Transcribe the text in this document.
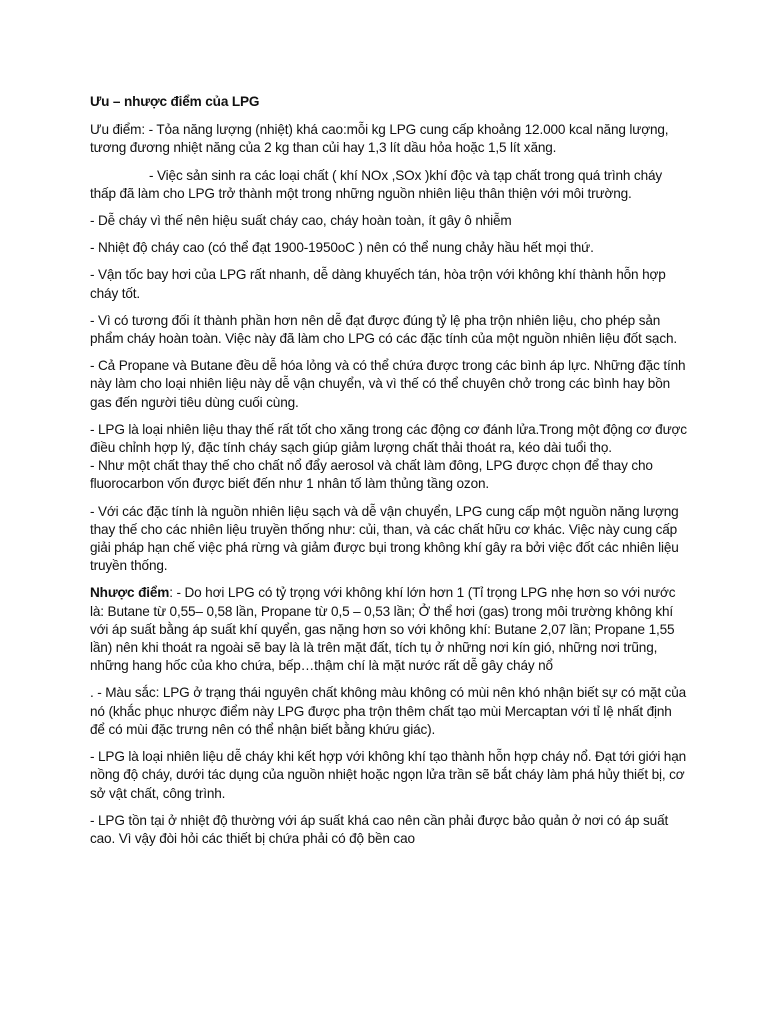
Ưu – nhược điểm của LPG

Ưu điểm: - Tỏa năng lượng (nhiệt) khá cao:mỗi kg LPG cung cấp khoảng 12.000 kcal năng lượng, tương đương nhiệt năng của 2 kg than củi hay 1,3 lít dầu hỏa hoặc 1,5 lít xăng.

- Việc sản sinh ra các loại chất ( khí NOx ,SOx )khí độc và tạp chất trong quá trình cháy thấp đã làm cho LPG trở thành một trong những nguồn nhiên liệu thân thiện với môi trường.

- Dễ cháy vì thế nên hiệu suất cháy cao, cháy hoàn toàn, ít gây ô nhiễm

- Nhiệt độ cháy cao (có thể đạt 1900-1950oC ) nên có thể nung chảy hầu hết mọi thứ.

- Vận tốc bay hơi của LPG rất nhanh, dễ dàng khuyếch tán, hòa trộn với không khí thành hỗn hợp cháy tốt.

- Vì có tương đối ít thành phần hơn nên dễ đạt được đúng tỷ lệ pha trộn nhiên liệu, cho phép sản phẩm cháy hoàn toàn. Việc này đã làm cho LPG có các đặc tính của một nguồn nhiên liệu đốt sạch.

- Cả Propane và Butane đều dễ hóa lỏng và có thể chứa được trong các bình áp lực. Những đặc tính này làm cho loại nhiên liệu này dễ vận chuyển, và vì thế có thể chuyên chở trong các bình hay bồn gas đến người tiêu dùng cuối cùng.

- LPG là loại nhiên liệu thay thế rất tốt cho xăng trong các động cơ đánh lửa.Trong một động cơ được điều chỉnh hợp lý, đặc tính cháy sạch giúp giảm lượng chất thải thoát ra, kéo dài tuổi thọ.

- Như một chất thay thế cho chất nổ đẩy aerosol và chất làm đông, LPG được chọn để thay cho fluorocarbon vốn được biết đến như 1 nhân tố làm thủng tầng ozon.

- Với các đặc tính là nguồn nhiên liệu sạch và dễ vận chuyển, LPG cung cấp một nguồn năng lượng thay thế cho các nhiên liệu truyền thống như: củi, than, và các chất hữu cơ khác. Việc này cung cấp giải pháp hạn chế việc phá rừng và giảm được bụi trong không khí gây ra bởi việc đốt các nhiên liệu truyền thống.

Nhược điểm: - Do hơi LPG có tỷ trọng với không khí lớn hơn 1 (Tỉ trọng LPG nhẹ hơn so với nước là: Butane từ 0,55– 0,58 lần, Propane từ 0,5 – 0,53 lần; Ở thể hơi (gas) trong môi trường không khí với áp suất bằng áp suất khí quyển, gas nặng hơn so với không khí: Butane 2,07 lần; Propane 1,55 lần) nên khi thoát ra ngoài sẽ bay là là trên mặt đất, tích tụ ở những nơi kín gió, những nơi trũng, những hang hốc của kho chứa, bếp…thậm chí là mặt nước rất dễ gây cháy nổ

. - Màu sắc: LPG ở trạng thái nguyên chất không màu không có mùi nên khó nhận biết sự có mặt của nó (khắc phục nhược điểm này LPG được pha trộn thêm chất tạo mùi Mercaptan với tỉ lệ nhất định để có mùi đặc trưng nên có thể nhận biết bằng khứu giác).

- LPG là loại nhiên liệu dễ cháy khi kết hợp với không khí tạo thành hỗn hợp cháy nổ. Đạt tới giới hạn nồng độ cháy, dưới tác dụng của nguồn nhiệt hoặc ngọn lửa trần sẽ bắt cháy làm phá hủy thiết bị, cơ sở vật chất, công trình.

- LPG tồn tại ở nhiệt độ thường với áp suất khá cao nên cần phải được bảo quản ở nơi có áp suất cao. Vì vậy đòi hỏi các thiết bị chứa phải có độ bền cao
